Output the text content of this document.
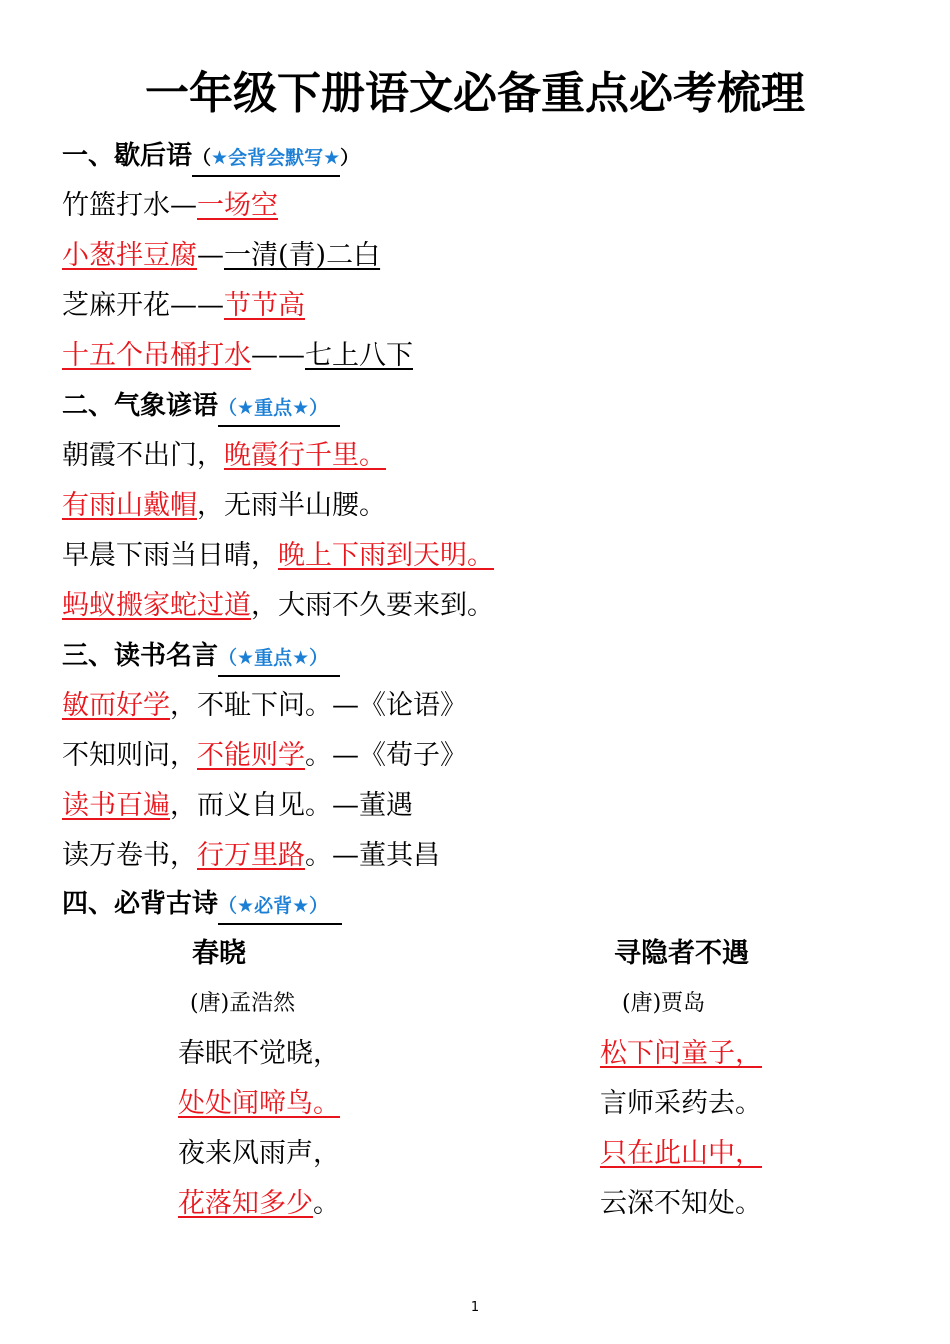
一年级下册语文必备重点必考梳理
一、歇后语（★会背会默写★）
竹篮打水—一场空
小葱拌豆腐—一清(青)二白
芝麻开花——节节高
十五个吊桶打水——七上八下
二、气象谚语（★重点★）
朝霞不出门，晚霞行千里。
有雨山戴帽，无雨半山腰。
早晨下雨当日晴，晚上下雨到天明。
蚂蚁搬家蛇过道，大雨不久要来到。
三、读书名言（★重点★）
敏而好学，不耻下问。—《论语》
不知则问，不能则学。—《荀子》
读书百遍，而义自见。—董遇
读万卷书，行万里路。—董其昌
四、必背古诗（★必背★）
春晓
(唐)孟浩然
春眠不觉晓，
处处闻啼鸟。
夜来风雨声，
花落知多少。
寻隐者不遇
(唐)贾岛
松下问童子，
言师采药去。
只在此山中，
云深不知处。
1
